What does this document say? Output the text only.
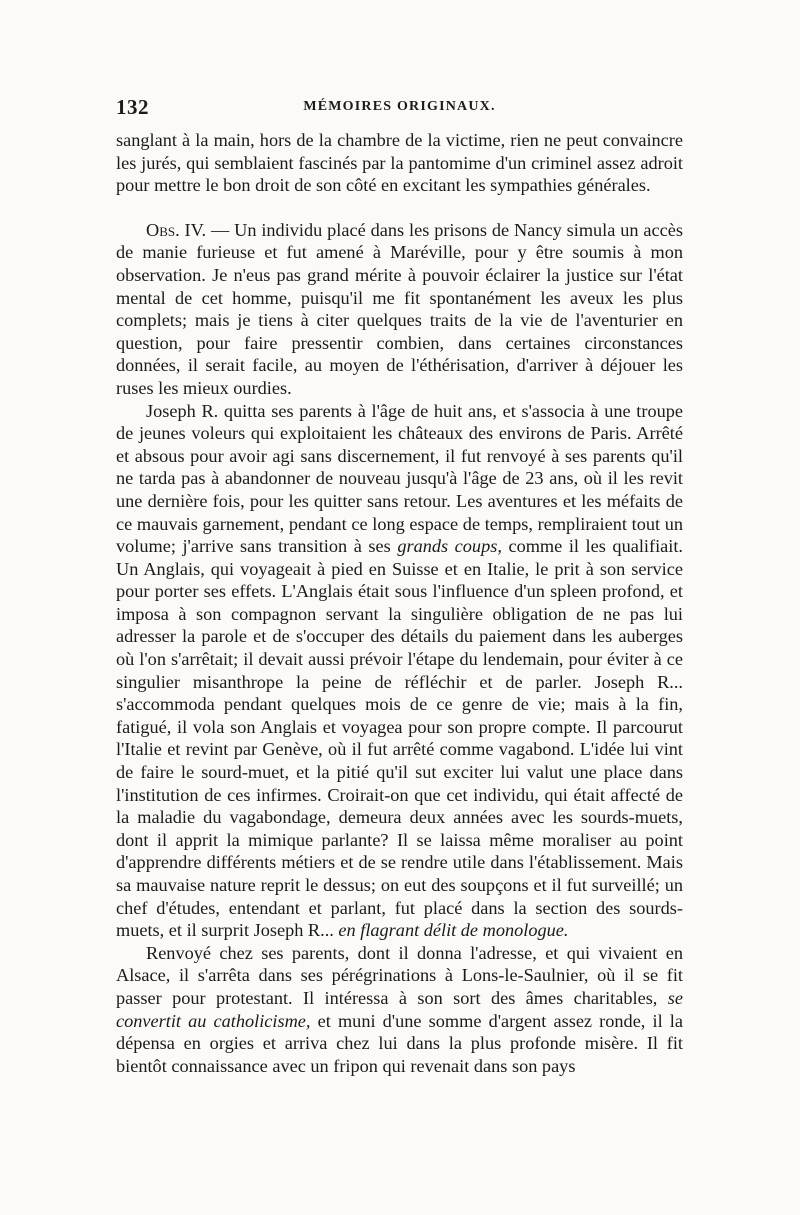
132	MÉMOIRES ORIGINAUX.

sanglant à la main, hors de la chambre de la victime, rien ne peut convaincre les jurés, qui semblaient fascinés par la pantomime d'un criminel assez adroit pour mettre le bon droit de son côté en excitant les sympathies générales.

Obs. IV. — Un individu placé dans les prisons de Nancy simula un accès de manie furieuse et fut amené à Maréville, pour y être soumis à mon observation. Je n'eus pas grand mérite à pouvoir éclairer la justice sur l'état mental de cet homme, puisqu'il me fit spontanément les aveux les plus complets; mais je tiens à citer quelques traits de la vie de l'aventurier en question, pour faire pressentir combien, dans certaines circonstances données, il serait facile, au moyen de l'éthérisation, d'arriver à déjouer les ruses les mieux ourdies.

Joseph R. quitta ses parents à l'âge de huit ans, et s'associa à une troupe de jeunes voleurs qui exploitaient les châteaux des environs de Paris. Arrêté et absous pour avoir agi sans discernement, il fut renvoyé à ses parents qu'il ne tarda pas à abandonner de nouveau jusqu'à l'âge de 23 ans, où il les revit une dernière fois, pour les quitter sans retour. Les aventures et les méfaits de ce mauvais garnement, pendant ce long espace de temps, rempliraient tout un volume; j'arrive sans transition à ses grands coups, comme il les qualifiait. Un Anglais, qui voyageait à pied en Suisse et en Italie, le prit à son service pour porter ses effets. L'Anglais était sous l'influence d'un spleen profond, et imposa à son compagnon servant la singulière obligation de ne pas lui adresser la parole et de s'occuper des détails du paiement dans les auberges où l'on s'arrêtait; il devait aussi prévoir l'étape du lendemain, pour éviter à ce singulier misanthrope la peine de réfléchir et de parler. Joseph R... s'accommoda pendant quelques mois de ce genre de vie; mais à la fin, fatigué, il vola son Anglais et voyagea pour son propre compte. Il parcourut l'Italie et revint par Genève, où il fut arrêté comme vagabond. L'idée lui vint de faire le sourd-muet, et la pitié qu'il sut exciter lui valut une place dans l'institution de ces infirmes. Croirait-on que cet individu, qui était affecté de la maladie du vagabondage, demeura deux années avec les sourds-muets, dont il apprit la mimique parlante? Il se laissa même moraliser au point d'apprendre différents métiers et de se rendre utile dans l'établissement. Mais sa mauvaise nature reprit le dessus; on eut des soupçons et il fut surveillé; un chef d'études, entendant et parlant, fut placé dans la section des sourds-muets, et il surprit Joseph R... en flagrant délit de monologue.

Renvoyé chez ses parents, dont il donna l'adresse, et qui vivaient en Alsace, il s'arrêta dans ses pérégrinations à Lons-le-Saulnier, où il se fit passer pour protestant. Il intéressa à son sort des âmes charitables, se convertit au catholicisme, et muni d'une somme d'argent assez ronde, il la dépensa en orgies et arriva chez lui dans la plus profonde misère. Il fit bientôt connaissance avec un fripon qui revenait dans son pays
